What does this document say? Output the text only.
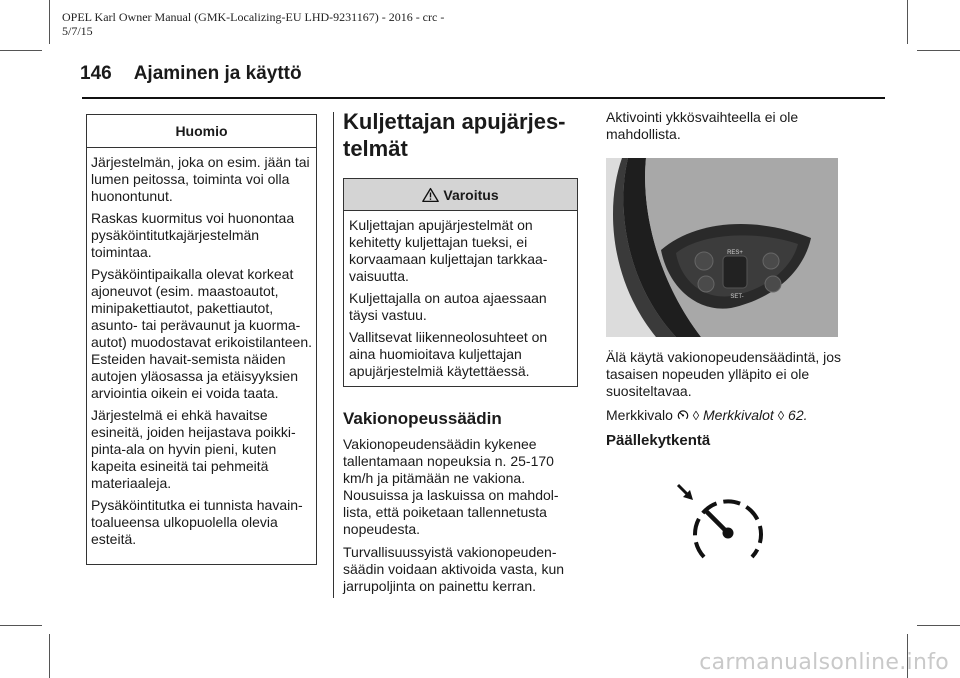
OPEL Karl Owner Manual (GMK-Localizing-EU LHD-9231167) - 2016 - crc -
5/7/15
146 Ajaminen ja käyttö
Huomio

Järjestelmän, joka on esim. jään tai lumen peitossa, toiminta voi olla huonontunut.

Raskas kuormitus voi huonontaa pysäköintitutkajärjestelmän toimintaa.

Pysäköintipaikalla olevat korkeat ajoneuvot (esim. maastoautot, minipakettiautot, pakettiautot, asunto- tai perävaunut ja kuorma-autot) muodostavat erikoistilanteen. Esteiden havait-semista näiden autojen yläosassa ja etäisyyksien arviointia oikein ei voida taata.

Järjestelmä ei ehkä havaitse esineitä, joiden heijastava poikki-pinta-ala on hyvin pieni, kuten kapeita esineitä tai pehmeitä materiaaleja.

Pysäköintitutka ei tunnista havain-toalueensa ulkopuolella olevia esteitä.

Kuljettajan apujärjes-telmät
Varoitus

Kuljettajan apujärjestelmät on kehitetty kuljettajan tueksi, ei korvaamaan kuljettajan tarkkaa-vaisuutta.

Kuljettajalla on autoa ajaessaan täysi vastuu.

Vallitsevat liikenneolosuhteet on aina huomioitava kuljettajan apujärjestelmiä käytettäessä.

Vakionopeussäädin

Vakionopeudensäädin kykenee tallentamaan nopeuksia n. 25-170 km/h ja pitämään ne vakiona. Nousuissa ja laskuissa on mahdol-lista, että poiketaan tallennetusta nopeudesta.

Turvallisuussyistä vakionopeuden-säädin voidaan aktivoida vasta, kun jarrupoljinta on painettu kerran.

Aktivointi ykkösvaihteella ei ole mahdollista.

RES+
SET-

Älä käytä vakionopeudensäädintä, jos tasaisen nopeuden ylläpito ei ole suositeltavaa.

Merkkivalo ◊ Merkkivalot ◊ 62.

Päällekytkentä
carmanualsonline.info
